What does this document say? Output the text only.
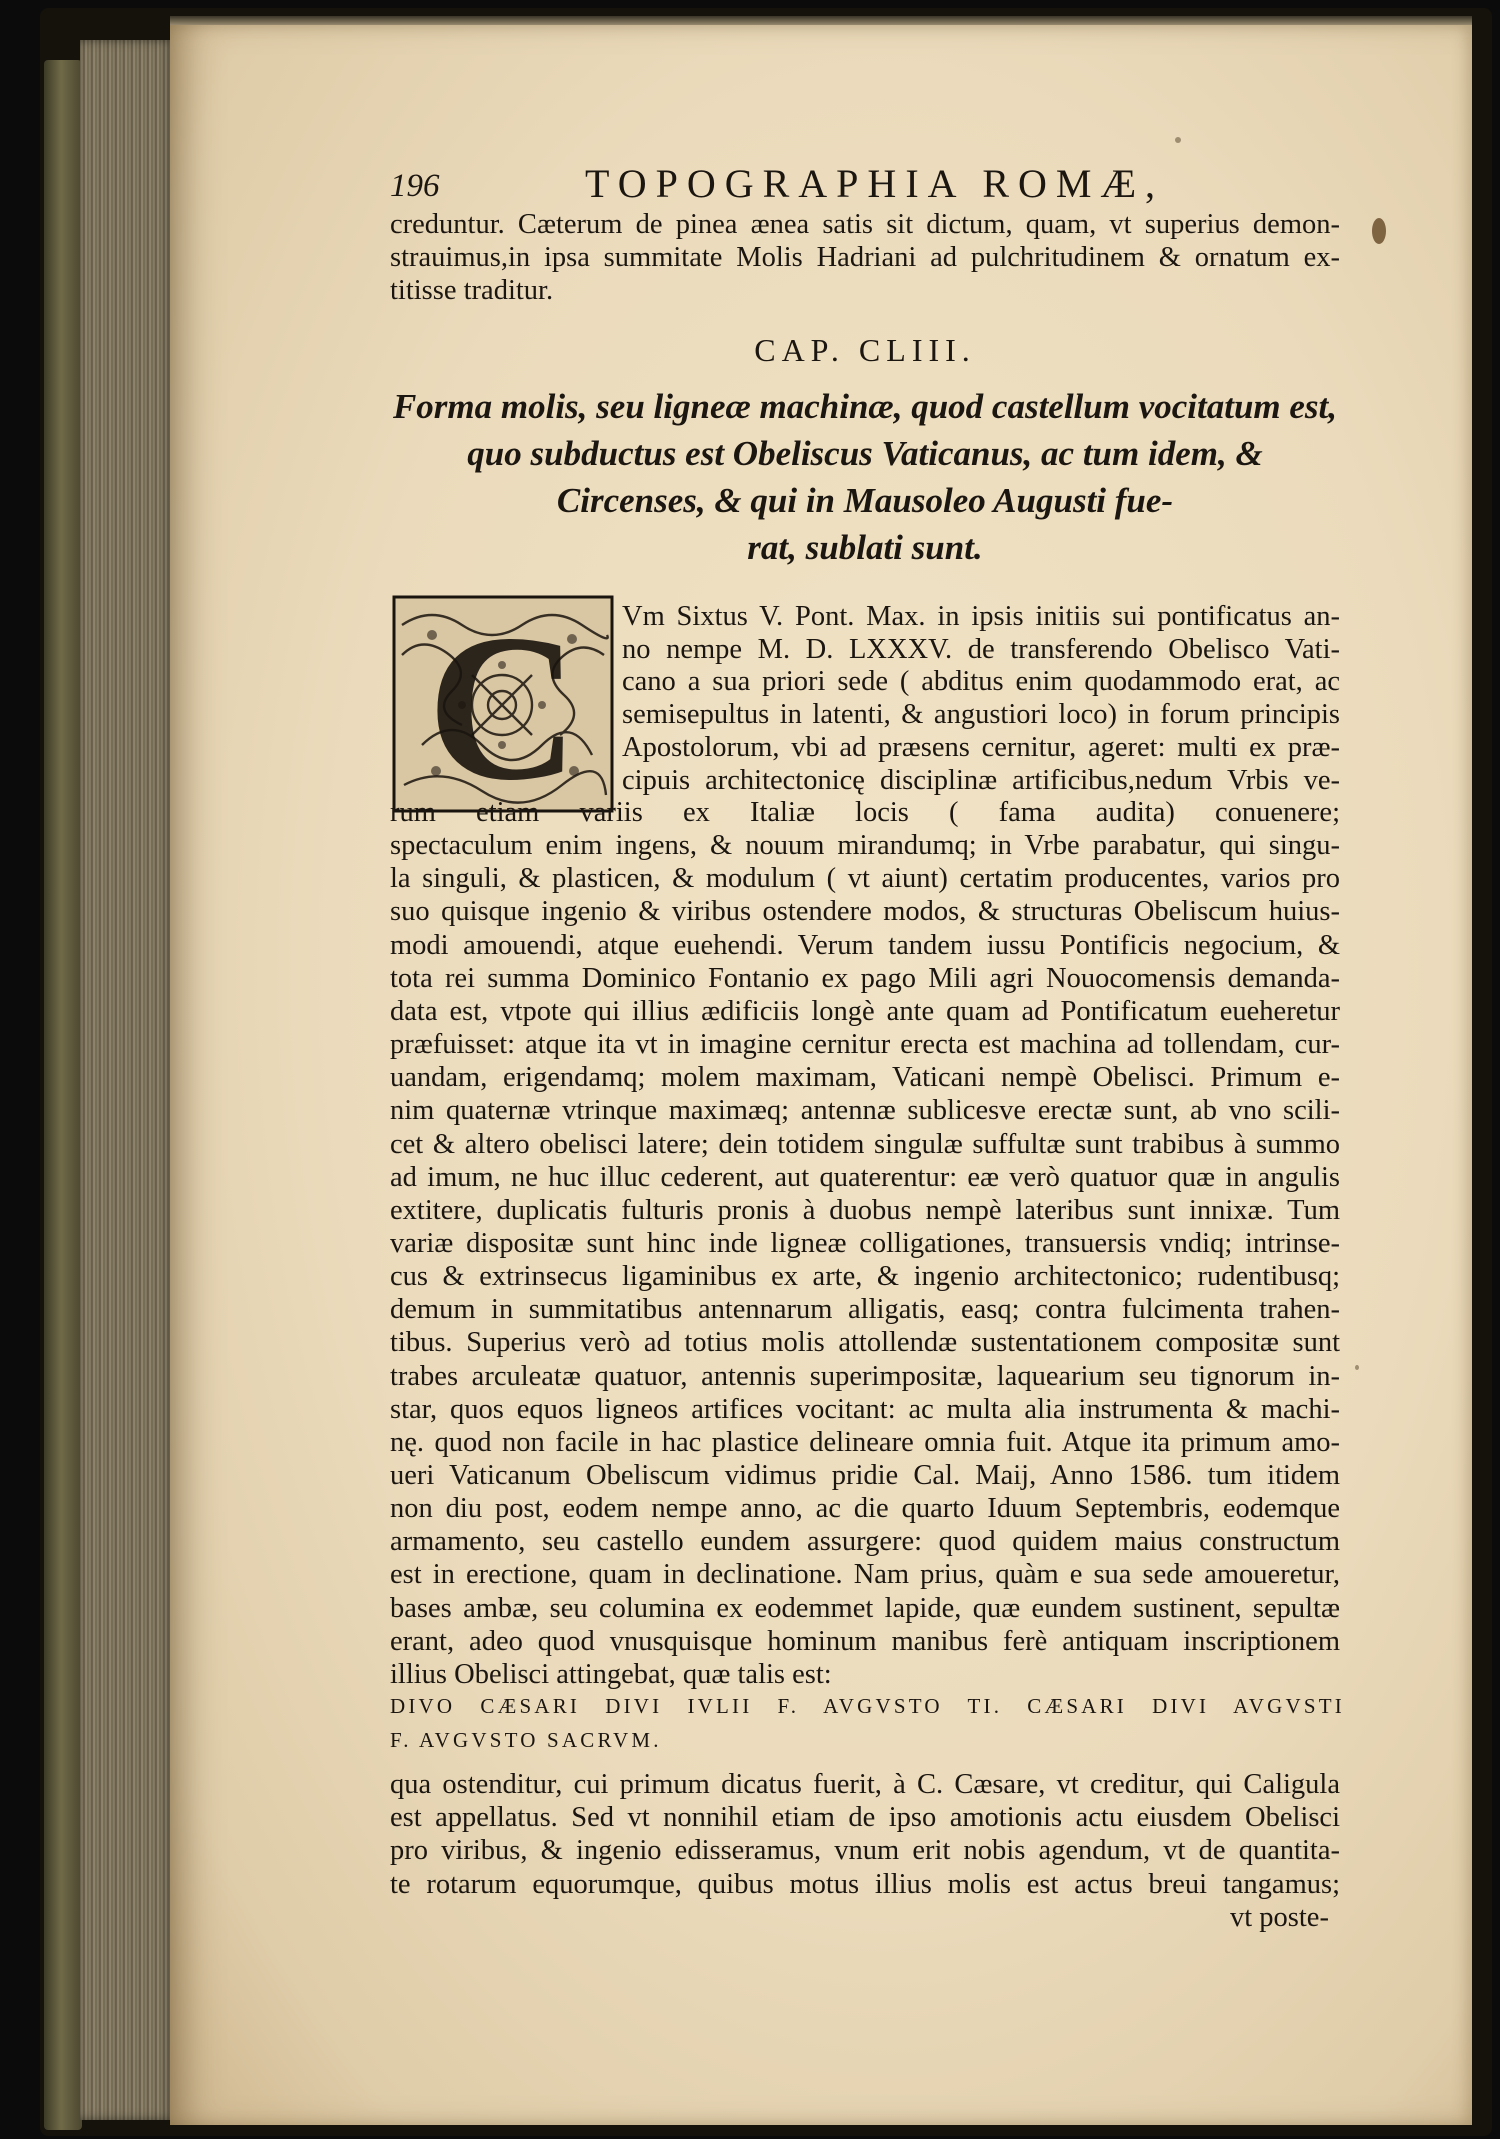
196	TOPOGRAPHIA ROMÆ,
creduntur. Cæterum de pinea ænea satis sit dictum, quam, vt superius demon-
strauimus,in ipsa summitate Molis Hadriani ad pulchritudinem & ornatum ex-
titisse traditur.
CAP. CLIII.
Forma molis, seu ligneæ machinæ, quod castellum vocitatum est,
quo subductus est Obeliscus Vaticanus, ac tum idem, &
Circenses, & qui in Mausoleo Augusti fue-
rat, sublati sunt.
C	Vm Sixtus V. Pont. Max. in ipsis initiis sui pontificatus an-
no nempe M. D. LXXXV. de transferendo Obelisco Vati-
cano a sua priori sede ( abditus enim quodammodo erat, ac
semisepultus in latenti, & angustiori loco) in forum principis
Apostolorum, vbi ad præsens cernitur, ageret: multi ex præ-
cipuis architectonicę disciplinæ artificibus,nedum Vrbis ve-
rum etiam variis ex Italiæ locis ( fama audita) conuenere;
spectaculum enim ingens, & nouum mirandumq; in Vrbe parabatur, qui singu-
la singuli, & plasticen, & modulum ( vt aiunt) certatim producentes, varios pro
suo quisque ingenio & viribus ostendere modos, & structuras Obeliscum huius-
modi amouendi, atque euehendi. Verum tandem iussu Pontificis negocium, &
tota rei summa Dominico Fontanio ex pago Mili agri Nouocomensis demanda-
data est, vtpote qui illius ædificiis longè ante quam ad Pontificatum eueheretur
præfuisset: atque ita vt in imagine cernitur erecta est machina ad tollendam, cur-
uandam, erigendamq; molem maximam, Vaticani nempè Obelisci. Primum e-
nim quaternæ vtrinque maximæq; antennæ sublicesve erectæ sunt, ab vno scili-
cet & altero obelisci latere; dein totidem singulæ suffultæ sunt trabibus à summo
ad imum, ne huc illuc cederent, aut quaterentur: eæ verò quatuor quæ in angulis
extitere, duplicatis fulturis pronis à duobus nempè lateribus sunt innixæ. Tum
variæ dispositæ sunt hinc inde ligneæ colligationes, transuersis vndiq; intrinse-
cus & extrinsecus ligaminibus ex arte, & ingenio architectonico; rudentibusq;
demum in summitatibus antennarum alligatis, easq; contra fulcimenta trahen-
tibus. Superius verò ad totius molis attollendæ sustentationem compositæ sunt
trabes arculeatæ quatuor, antennis superimpositæ, laquearium seu tignorum in-
star, quos equos ligneos artifices vocitant: ac multa alia instrumenta & machi-
nę. quod non facile in hac plastice delineare omnia fuit. Atque ita primum amo-
ueri Vaticanum Obeliscum vidimus pridie Cal. Maij, Anno 1586. tum itidem
non diu post, eodem nempe anno, ac die quarto Iduum Septembris, eodemque
armamento, seu castello eundem assurgere: quod quidem maius constructum
est in erectione, quam in declinatione. Nam prius, quàm e sua sede amoueretur,
bases ambæ, seu columina ex eodemmet lapide, quæ eundem sustinent, sepultæ
erant, adeo quod vnusquisque hominum manibus ferè antiquam inscriptionem
illius Obelisci attingebat, quæ talis est:
DIVO CÆSARI DIVI IVLII F. AVGVSTO TI. CÆSARI DIVI AVGVSTI
F. AVGVSTO SACRVM.
qua ostenditur, cui primum dicatus fuerit, à C. Cæsare, vt creditur, qui Caligula
est appellatus. Sed vt nonnihil etiam de ipso amotionis actu eiusdem Obelisci
pro viribus, & ingenio edisseramus, vnum erit nobis agendum, vt de quantita-
te rotarum equorumque, quibus motus illius molis est actus breui tangamus;
vt poste-
